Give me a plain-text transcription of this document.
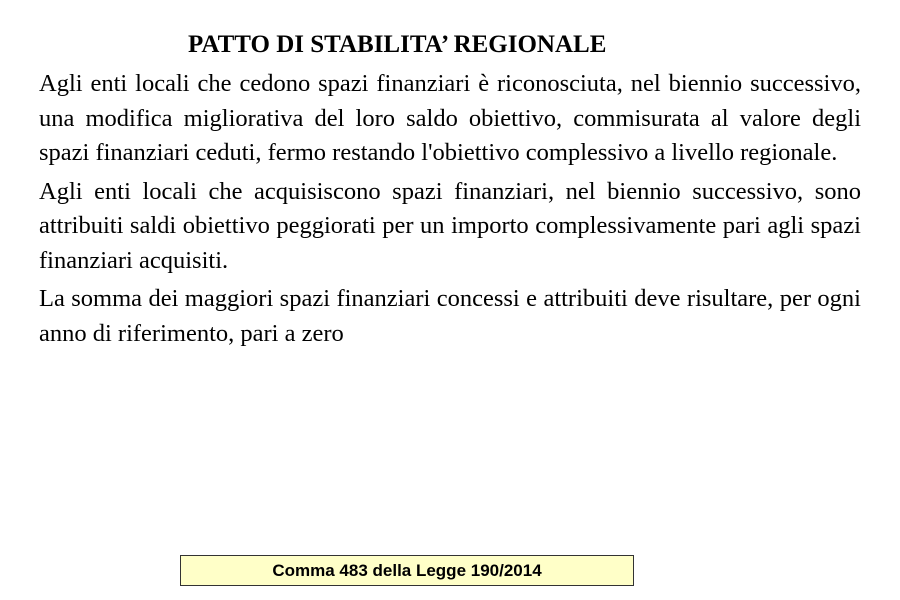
PATTO DI STABILITA’ REGIONALE

Agli enti locali che cedono spazi finanziari è riconosciuta, nel biennio successivo, una modifica migliorativa del loro saldo obiettivo, commisurata al valore degli spazi finanziari ceduti, fermo restando l'obiettivo complessivo a livello regionale.

Agli enti locali che acquisiscono spazi finanziari, nel biennio successivo, sono attribuiti saldi obiettivo peggiorati per un importo complessivamente pari agli spazi finanziari acquisiti.

La somma dei maggiori spazi finanziari concessi e attribuiti deve risultare, per ogni anno di riferimento, pari a zero

Comma 483 della Legge 190/2014
